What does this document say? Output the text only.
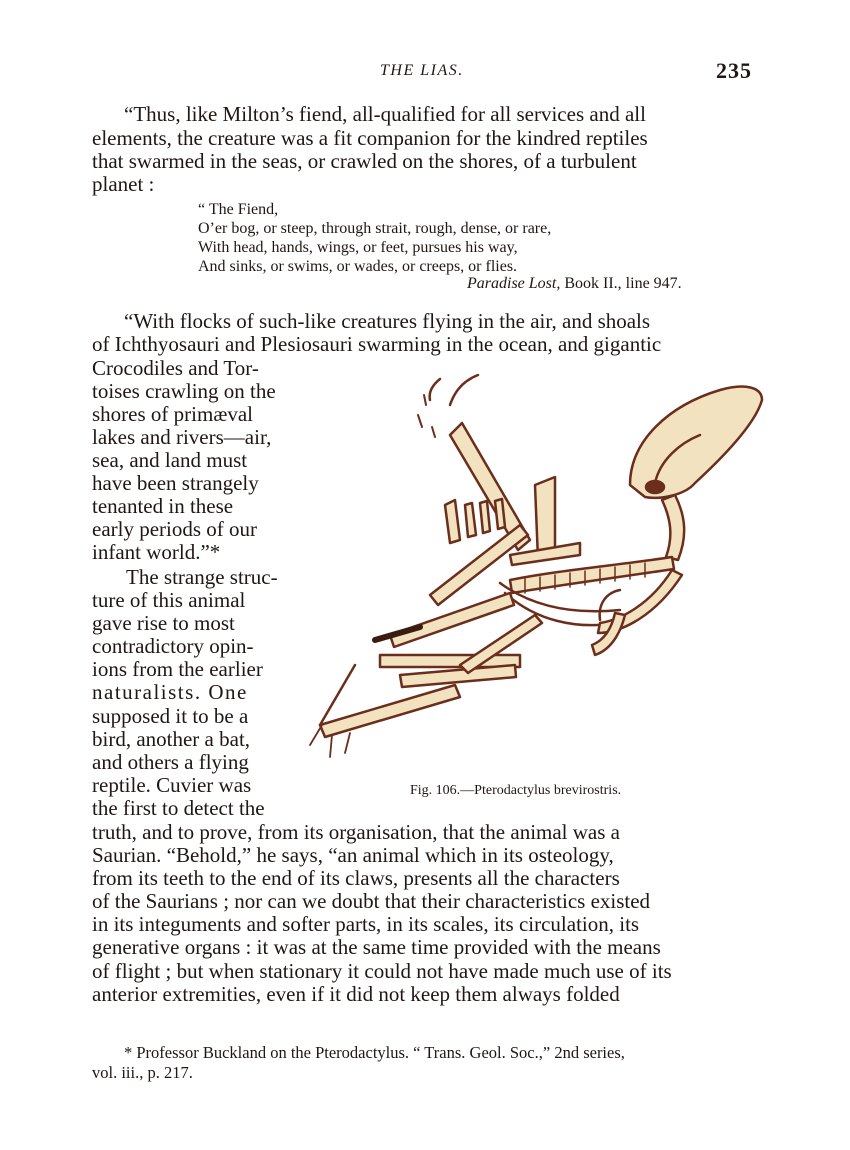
THE LIAS.	235
“Thus, like Milton’s fiend, all-qualified for all services and all
elements, the creature was a fit companion for the kindred reptiles
that swarmed in the seas, or crawled on the shores, of a turbulent
planet :
“ The Fiend,
O’er bog, or steep, through strait, rough, dense, or rare,
With head, hands, wings, or feet, pursues his way,
And sinks, or swims, or wades, or creeps, or flies.
Paradise Lost, Book II., line 947.
“With flocks of such-like creatures flying in the air, and shoals
of Ichthyosauri and Plesiosauri swarming in the ocean, and gigantic
Crocodiles and Tor-
toises crawling on the
shores of primæval
lakes and rivers—air,
sea, and land must
have been strangely
tenanted in these
early periods of our
infant world.”*
The strange struc-
ture of this animal
gave rise to most
contradictory opin-
ions from the earlier
naturalists. One
supposed it to be a
bird, another a bat,
and others a flying
reptile. Cuvier was
the first to detect the
truth, and to prove, from its organisation, that the animal was a
Saurian. “Behold,” he says, “an animal which in its osteology,
from its teeth to the end of its claws, presents all the characters
of the Saurians ; nor can we doubt that their characteristics existed
in its integuments and softer parts, in its scales, its circulation, its
generative organs : it was at the same time provided with the means
of flight ; but when stationary it could not have made much use of its
anterior extremities, even if it did not keep them always folded
Fig. 106.—Pterodactylus brevirostris.
* Professor Buckland on the Pterodactylus. “ Trans. Geol. Soc.,” 2nd series,
vol. iii., p. 217.
